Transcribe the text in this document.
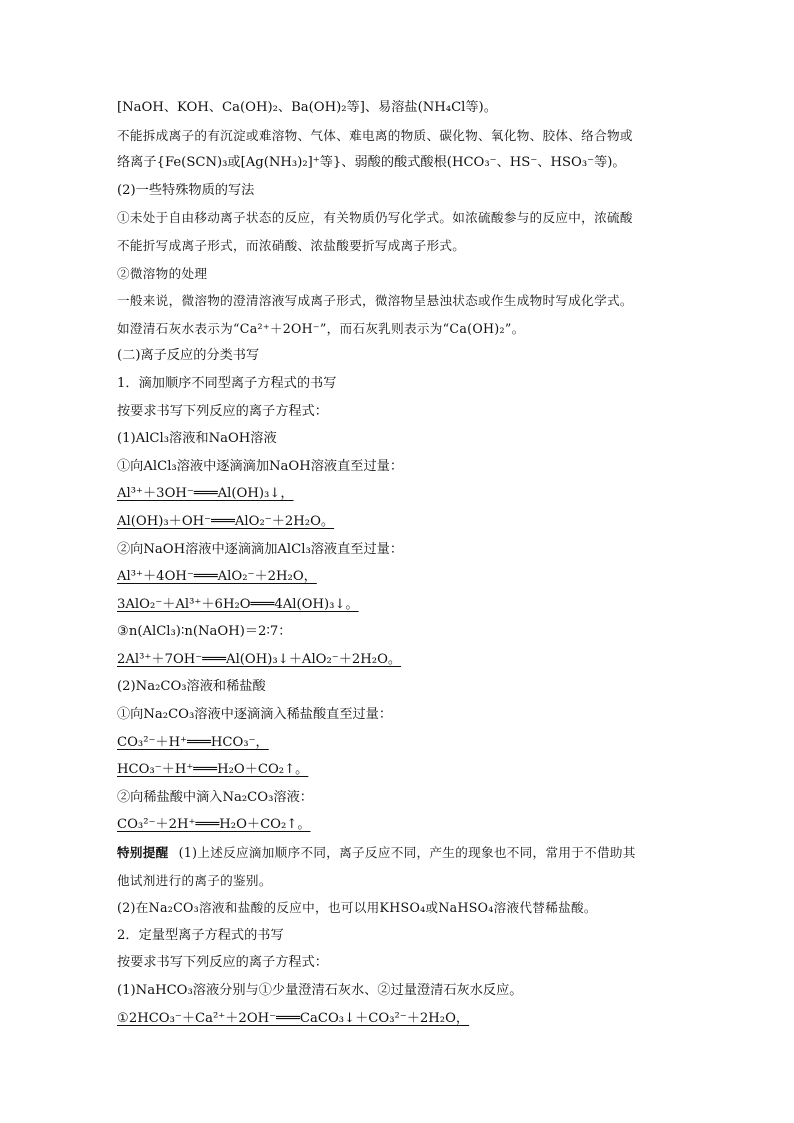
[NaOH、KOH、Ca(OH)₂、Ba(OH)₂等]、易溶盐(NH₄Cl等)。
不能拆成离子的有沉淀或难溶物、气体、难电离的物质、碳化物、氧化物、胶体、络合物或
络离子{Fe(SCN)₃或[Ag(NH₃)₂]⁺等}、弱酸的酸式酸根(HCO₃⁻、HS⁻、HSO₃⁻等)。
(2)一些特殊物质的写法
①未处于自由移动离子状态的反应，有关物质仍写化学式。如浓硫酸参与的反应中，浓硫酸
不能折写成离子形式，而浓硝酸、浓盐酸要折写成离子形式。
②微溶物的处理
一般来说，微溶物的澄清溶液写成离子形式，微溶物呈悬浊状态或作生成物时写成化学式。
如澄清石灰水表示为“Ca²⁺＋2OH⁻”，而石灰乳则表示为“Ca(OH)₂”。
(二)离子反应的分类书写
1．滴加顺序不同型离子方程式的书写
按要求书写下列反应的离子方程式：
(1)AlCl₃溶液和NaOH溶液
①向AlCl₃溶液中逐滴滴加NaOH溶液直至过量：
Al³⁺＋3OH⁻═══Al(OH)₃↓，
Al(OH)₃＋OH⁻═══AlO₂⁻＋2H₂O。
②向NaOH溶液中逐滴滴加AlCl₃溶液直至过量：
Al³⁺＋4OH⁻═══AlO₂⁻＋2H₂O，
3AlO₂⁻＋Al³⁺＋6H₂O═══4Al(OH)₃↓。
③n(AlCl₃)∶n(NaOH)＝2∶7：
2Al³⁺＋7OH⁻═══Al(OH)₃↓＋AlO₂⁻＋2H₂O。
(2)Na₂CO₃溶液和稀盐酸
①向Na₂CO₃溶液中逐滴滴入稀盐酸直至过量：
CO₃²⁻＋H⁺═══HCO₃⁻，
HCO₃⁻＋H⁺═══H₂O＋CO₂↑。
②向稀盐酸中滴入Na₂CO₃溶液：
CO₃²⁻＋2H⁺═══H₂O＋CO₂↑。
特别提醒 (1)上述反应滴加顺序不同，离子反应不同，产生的现象也不同，常用于不借助其
他试剂进行的离子的鉴别。
(2)在Na₂CO₃溶液和盐酸的反应中，也可以用KHSO₄或NaHSO₄溶液代替稀盐酸。
2．定量型离子方程式的书写
按要求书写下列反应的离子方程式：
(1)NaHCO₃溶液分别与①少量澄清石灰水、②过量澄清石灰水反应。
①2HCO₃⁻＋Ca²⁺＋2OH⁻═══CaCO₃↓＋CO₃²⁻＋2H₂O，
